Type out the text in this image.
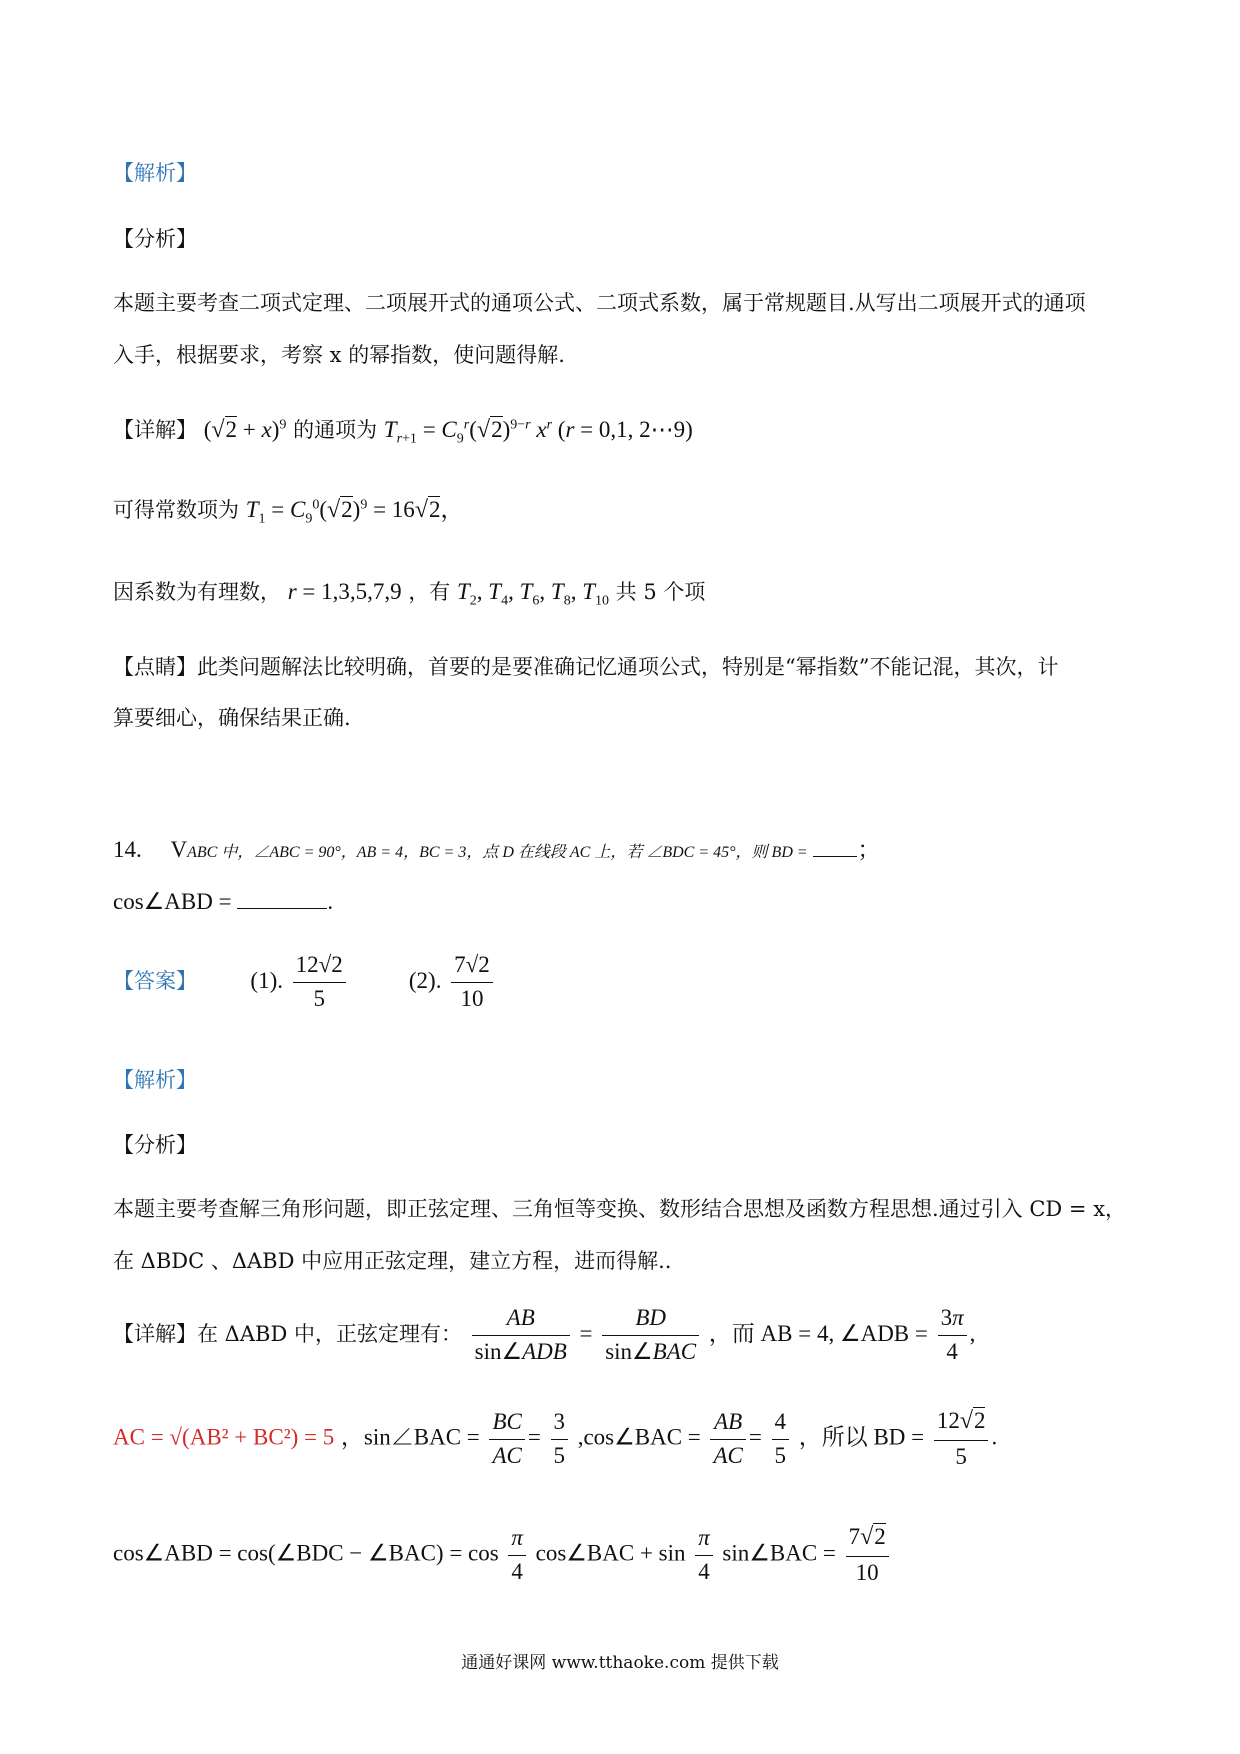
【解析】
【分析】
本题主要考查二项式定理、二项展开式的通项公式、二项式系数，属于常规题目.从写出二项展开式的通项
入手，根据要求，考察 x 的幂指数，使问题得解.
【详解】 $(√2 + x)^9$ 的通项为 $T_{r+1} = C_9^r(√2)^{9-r}$ $x^r$ (r = 0,1, 2⋯9)
可得常数项为 $T_1 = C_9^0(√2)^9 = 16√2$，
因系数为有理数， r = 1,3,5,7,9 ，有 $T_2$, $T_4$, $T_6$, $T_8$, $T_{10}$ 共 5 个项
【点睛】此类问题解法比较明确，首要的是要准确记忆通项公式，特别是“幂指数”不能记混，其次，计
算要细心，确保结果正确.
14.     VABC 中，∠ABC = 90°，AB = 4，BC = 3，点 D 在线段 AC 上，若 ∠BDC = 45°，则 BD = ；
cos∠ABD =	.
【答案】 (1). $\frac{12√2}{5}$	(2). $\frac{7√2}{10}$
【解析】
【分析】
本题主要考查解三角形问题，即正弦定理、三角恒等变换、数形结合思想及函数方程思想.通过引入 CD = x，
在 ΔBDC 、ΔABD 中应用正弦定理，建立方程，进而得解..
【详解】在 ΔABD 中，正弦定理有： $\frac{AB}{\text{sin∠ADB}} = \frac{BD}{\text{sin∠BAC}}$ ，而 AB = 4, ∠ADB = $\frac{3\pi}{4}$ ,
AC = √(AB² + BC²) = 5 ，sin∠BAC = $\frac{BC}{AC} = \frac{3}{5}$ ,cos∠BAC = $\frac{AB}{AC} = \frac{4}{5}$ ，所以 BD = $\frac{12√2}{5}$ .
cos∠ABD = cos(∠BDC − ∠BAC) = $\cos \frac{\pi}{4}$ cos∠BAC + $\sin \frac{\pi}{4}$ sin∠BAC = $\frac{7√2}{10}$
通通好课网 www.tthaoke.com 提供下载
